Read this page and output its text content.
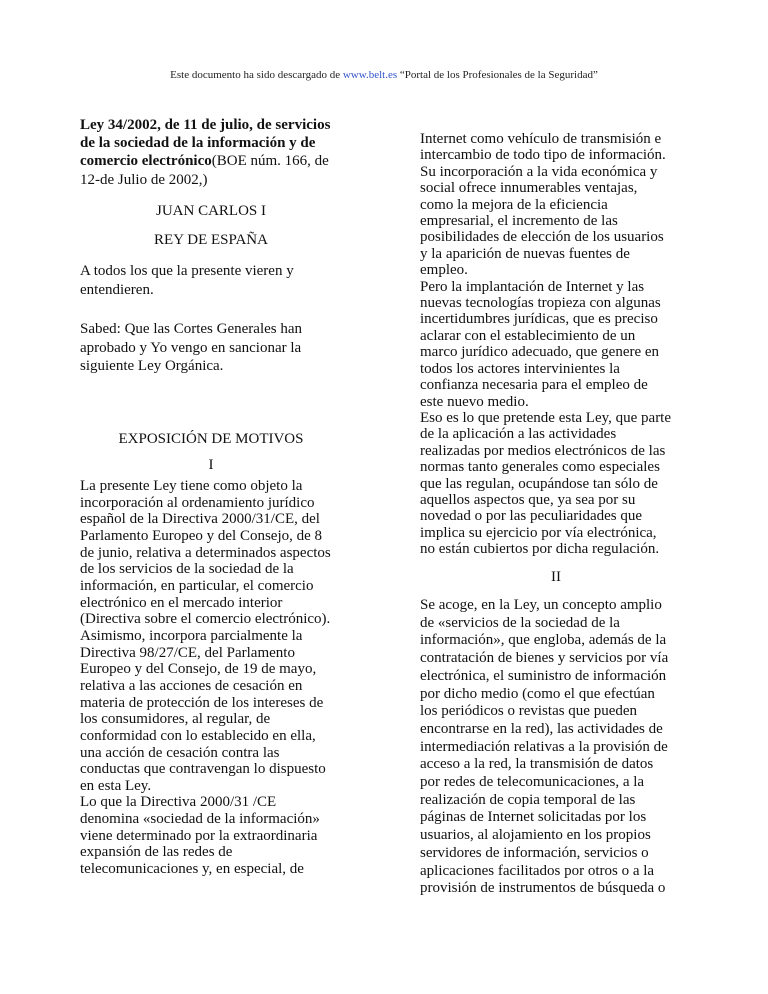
Este documento ha sido descargado de www.belt.es “Portal de los Profesionales de la Seguridad”
Ley 34/2002, de 11 de julio, de servicios
de la sociedad de la información y de
comercio electrónico(BOE núm. 166, de
12-de Julio de 2002,)
JUAN CARLOS I
REY DE ESPAÑA
A todos los que la presente vieren y
entendieren.
Sabed: Que las Cortes Generales han
aprobado y Yo vengo en sancionar la
siguiente Ley Orgánica.
EXPOSICIÓN DE MOTIVOS
I
La presente Ley tiene como objeto la
incorporación al ordenamiento jurídico
español de la Directiva 2000/31/CE, del
Parlamento Europeo y del Consejo, de 8
de junio, relativa a determinados aspectos
de los servicios de la sociedad de la
información, en particular, el comercio
electrónico en el mercado interior
(Directiva sobre el comercio electrónico).
Asimismo, incorpora parcialmente la
Directiva 98/27/CE, del Parlamento
Europeo y del Consejo, de 19 de mayo,
relativa a las acciones de cesación en
materia de protección de los intereses de
los consumidores, al regular, de
conformidad con lo establecido en ella,
una acción de cesación contra las
conductas que contravengan lo dispuesto
en esta Ley.
Lo que la Directiva 2000/31 /CE
denomina «sociedad de la información»
viene determinado por la extraordinaria
expansión de las redes de
telecomunicaciones y, en especial, de
Internet como vehículo de transmisión e
intercambio de todo tipo de información.
Su incorporación a la vida económica y
social ofrece innumerables ventajas,
como la mejora de la eficiencia
empresarial, el incremento de las
posibilidades de elección de los usuarios
y la aparición de nuevas fuentes de
empleo.
Pero la implantación de Internet y las
nuevas tecnologías tropieza con algunas
incertidumbres jurídicas, que es preciso
aclarar con el establecimiento de un
marco jurídico adecuado, que genere en
todos los actores intervinientes la
confianza necesaria para el empleo de
este nuevo medio.
Eso es lo que pretende esta Ley, que parte
de la aplicación a las actividades
realizadas por medios electrónicos de las
normas tanto generales como especiales
que las regulan, ocupándose tan sólo de
aquellos aspectos que, ya sea por su
novedad o por las peculiaridades que
implica su ejercicio por vía electrónica,
no están cubiertos por dicha regulación.
II
Se acoge, en la Ley, un concepto amplio
de «servicios de la sociedad de la
información», que engloba, además de la
contratación de bienes y servicios por vía
electrónica, el suministro de información
por dicho medio (como el que efectúan
los periódicos o revistas que pueden
encontrarse en la red), las actividades de
intermediación relativas a la provisión de
acceso a la red, la transmisión de datos
por redes de telecomunicaciones, a la
realización de copia temporal de las
páginas de Internet solicitadas por los
usuarios, al alojamiento en los propios
servidores de información, servicios o
aplicaciones facilitados por otros o a la
provisión de instrumentos de búsqueda o
